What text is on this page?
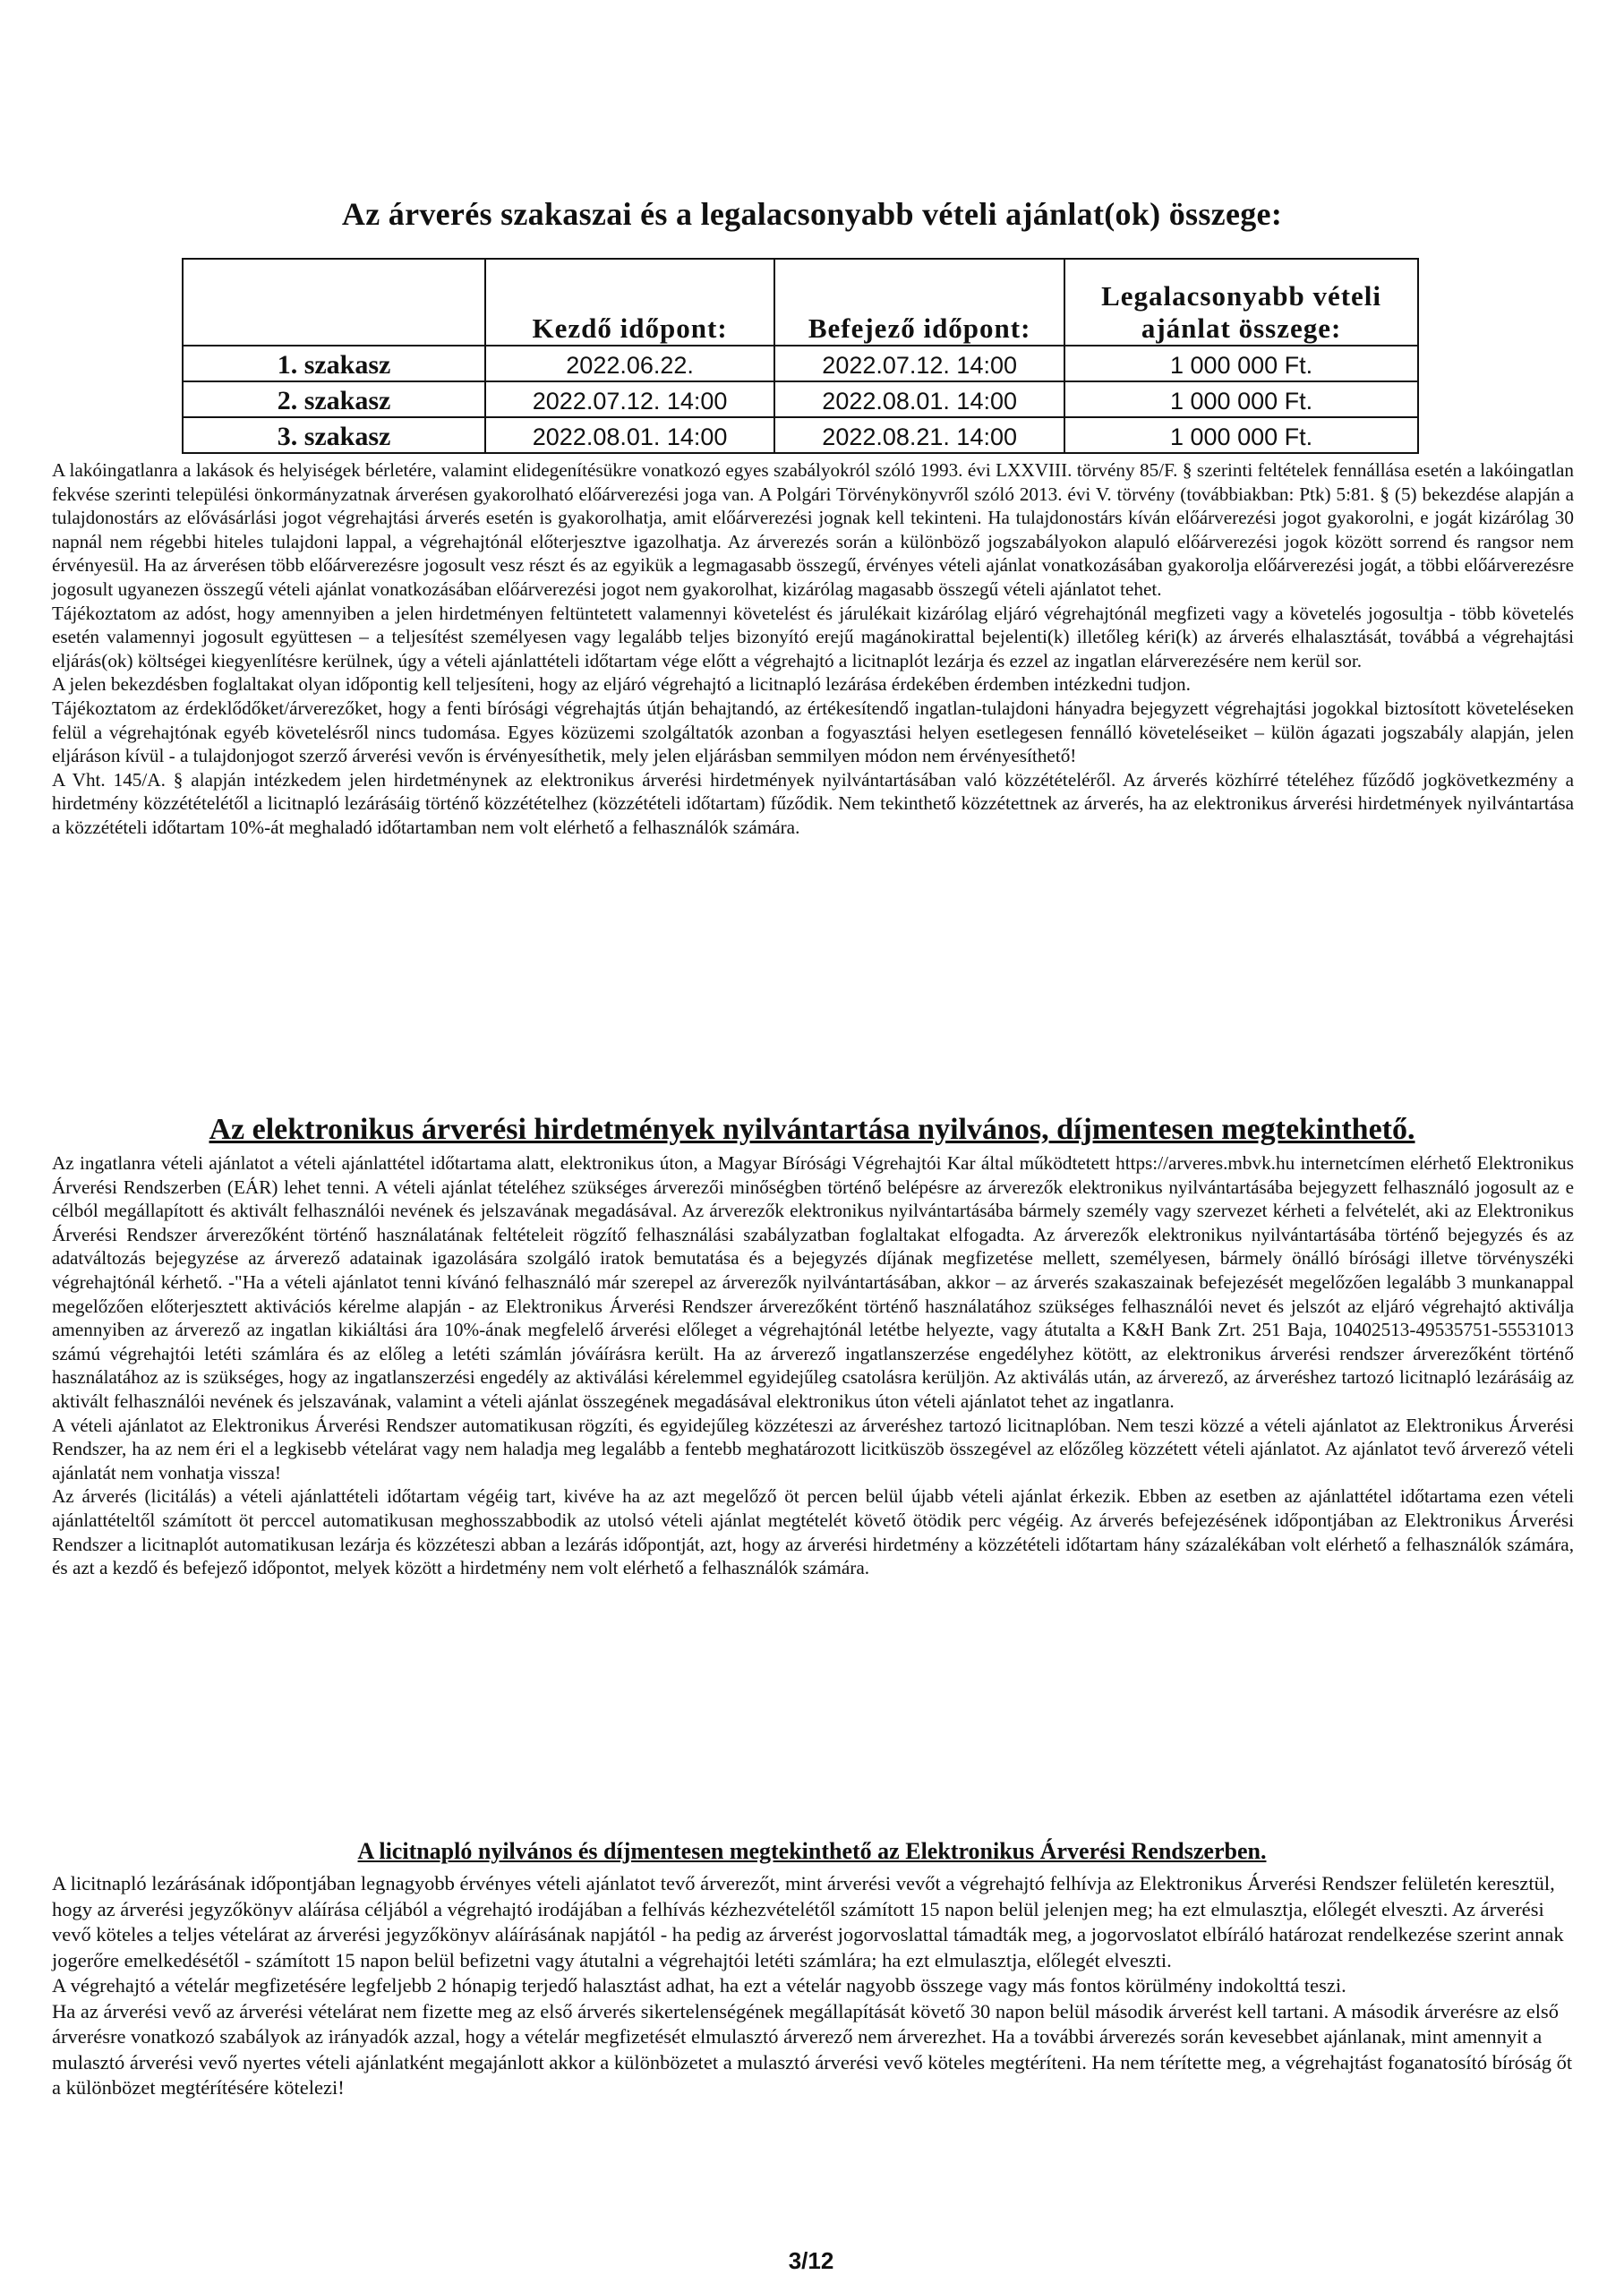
Az árverés szakaszai és a legalacsonyabb vételi ajánlat(ok) összege:
	Kezdő időpont:	Befejező időpont:	Legalacsonyabb vételi ajánlat összege:
1. szakasz	2022.06.22.	2022.07.12. 14:00	1 000 000 Ft.
2. szakasz	2022.07.12. 14:00	2022.08.01. 14:00	1 000 000 Ft.
3. szakasz	2022.08.01. 14:00	2022.08.21. 14:00	1 000 000 Ft.

A lakóingatlanra a lakások és helyiségek bérletére, valamint elidegenítésükre vonatkozó egyes szabályokról szóló 1993. évi LXXVIII. törvény 85/F. § szerinti feltételek fennállása esetén a lakóingatlan fekvése szerinti települési önkormányzatnak árverésen gyakorolható előárverezési joga van. A Polgári Törvénykönyvről szóló 2013. évi V. törvény (továbbiakban: Ptk) 5:81. § (5) bekezdése alapján a tulajdonostárs az elővásárlási jogot végrehajtási árverés esetén is gyakorolhatja, amit előárverezési jognak kell tekinteni. Ha tulajdonostárs kíván előárverezési jogot gyakorolni, e jogát kizárólag 30 napnál nem régebbi hiteles tulajdoni lappal, a végrehajtónál előterjesztve igazolhatja. Az árverezés során a különböző jogszabályokon alapuló előárverezési jogok között sorrend és rangsor nem érvényesül. Ha az árverésen több előárverezésre jogosult vesz részt és az egyikük a legmagasabb összegű, érvényes vételi ajánlat vonatkozásában gyakorolja előárverezési jogát, a többi előárverezésre jogosult ugyanezen összegű vételi ajánlat vonatkozásában előárverezési jogot nem gyakorolhat, kizárólag magasabb összegű vételi ajánlatot tehet.

Tájékoztatom az adóst, hogy amennyiben a jelen hirdetményen feltüntetett valamennyi követelést és járulékait kizárólag eljáró végrehajtónál megfizeti vagy a követelés jogosultja - több követelés esetén valamennyi jogosult együttesen – a teljesítést személyesen vagy legalább teljes bizonyító erejű magánokirattal bejelenti(k) illetőleg kéri(k) az árverés elhalasztását, továbbá a végrehajtási eljárás(ok) költségei kiegyenlítésre kerülnek, úgy a vételi ajánlattételi időtartam vége előtt a végrehajtó a licitnaplót lezárja és ezzel az ingatlan elárverezésére nem kerül sor.

A jelen bekezdésben foglaltakat olyan időpontig kell teljesíteni, hogy az eljáró végrehajtó a licitnapló lezárása érdekében érdemben intézkedni tudjon.

Tájékoztatom az érdeklődőket/árverezőket, hogy a fenti bírósági végrehajtás útján behajtandó, az értékesítendő ingatlan-tulajdoni hányadra bejegyzett végrehajtási jogokkal biztosított követeléseken felül a végrehajtónak egyéb követelésről nincs tudomása. Egyes közüzemi szolgáltatók azonban a fogyasztási helyen esetlegesen fennálló követeléseiket – külön ágazati jogszabály alapján, jelen eljáráson kívül - a tulajdonjogot szerző árverési vevőn is érvényesíthetik, mely jelen eljárásban semmilyen módon nem érvényesíthető!

A Vht. 145/A. § alapján intézkedem jelen hirdetménynek az elektronikus árverési hirdetmények nyilvántartásában való közzétételéről. Az árverés közhírré tételéhez fűződő jogkövetkezmény a hirdetmény közzétételétől a licitnapló lezárásáig történő közzétételhez (közzétételi időtartam) fűződik. Nem tekinthető közzétettnek az árverés, ha az elektronikus árverési hirdetmények nyilvántartása a közzétételi időtartam 10%-át meghaladó időtartamban nem volt elérhető a felhasználók számára.

Az elektronikus árverési hirdetmények nyilvántartása nyilvános, díjmentesen megtekinthető.

Az ingatlanra vételi ajánlatot a vételi ajánlattétel időtartama alatt, elektronikus úton, a Magyar Bírósági Végrehajtói Kar által működtetett https://arveres.mbvk.hu internetcímen elérhető Elektronikus Árverési Rendszerben (EÁR) lehet tenni. A vételi ajánlat tételéhez szükséges árverezői minőségben történő belépésre az árverezők elektronikus nyilvántartásába bejegyzett felhasználó jogosult az e célból megállapított és aktivált felhasználói nevének és jelszavának megadásával. Az árverezők elektronikus nyilvántartásába bármely személy vagy szervezet kérheti a felvételét, aki az Elektronikus Árverési Rendszer árverezőként történő használatának feltételeit rögzítő felhasználási szabályzatban foglaltakat elfogadta. Az árverezők elektronikus nyilvántartásába történő bejegyzés és az adatváltozás bejegyzése az árverező adatainak igazolására szolgáló iratok bemutatása és a bejegyzés díjának megfizetése mellett, személyesen, bármely önálló bírósági illetve törvényszéki végrehajtónál kérhető. -"Ha a vételi ajánlatot tenni kívánó felhasználó már szerepel az árverezők nyilvántartásában, akkor – az árverés szakaszainak befejezését megelőzően legalább 3 munkanappal megelőzően előterjesztett aktivációs kérelme alapján - az Elektronikus Árverési Rendszer árverezőként történő használatához szükséges felhasználói nevet és jelszót az eljáró végrehajtó aktiválja amennyiben az árverező az ingatlan kikiáltási ára 10%-ának megfelelő árverési előleget a végrehajtónál letétbe helyezte, vagy átutalta a K&H Bank Zrt. 251 Baja, 10402513-49535751-55531013 számú végrehajtói letéti számlára és az előleg a letéti számlán jóváírásra került. Ha az árverező ingatlanszerzése engedélyhez kötött, az elektronikus árverési rendszer árverezőként történő használatához az is szükséges, hogy az ingatlanszerzési engedély az aktiválási kérelemmel egyidejűleg csatolásra kerüljön. Az aktiválás után, az árverező, az árveréshez tartozó licitnapló lezárásáig az aktivált felhasználói nevének és jelszavának, valamint a vételi ajánlat összegének megadásával elektronikus úton vételi ajánlatot tehet az ingatlanra.

A vételi ajánlatot az Elektronikus Árverési Rendszer automatikusan rögzíti, és egyidejűleg közzéteszi az árveréshez tartozó licitnaplóban. Nem teszi közzé a vételi ajánlatot az Elektronikus Árverési Rendszer, ha az nem éri el a legkisebb vételárat vagy nem haladja meg legalább a fentebb meghatározott licitküszöb összegével az előzőleg közzétett vételi ajánlatot. Az ajánlatot tevő árverező vételi ajánlatát nem vonhatja vissza!

Az árverés (licitálás) a vételi ajánlattételi időtartam végéig tart, kivéve ha az azt megelőző öt percen belül újabb vételi ajánlat érkezik. Ebben az esetben az ajánlattétel időtartama ezen vételi ajánlattételtől számított öt perccel automatikusan meghosszabbodik az utolsó vételi ajánlat megtételét követő ötödik perc végéig. Az árverés befejezésének időpontjában az Elektronikus Árverési Rendszer a licitnaplót automatikusan lezárja és közzéteszi abban a lezárás időpontját, azt, hogy az árverési hirdetmény a közzétételi időtartam hány százalékában volt elérhető a felhasználók számára, és azt a kezdő és befejező időpontot, melyek között a hirdetmény nem volt elérhető a felhasználók számára.

A licitnapló nyilvános és díjmentesen megtekinthető az Elektronikus Árverési Rendszerben.

A licitnapló lezárásának időpontjában legnagyobb érvényes vételi ajánlatot tevő árverezőt, mint árverési vevőt a végrehajtó felhívja az Elektronikus Árverési Rendszer felületén keresztül, hogy az árverési jegyzőkönyv aláírása céljából a végrehajtó irodájában a felhívás kézhezvételétől számított 15 napon belül jelenjen meg; ha ezt elmulasztja, előlegét elveszti. Az árverési vevő köteles a teljes vételárat az árverési jegyzőkönyv aláírásának napjától - ha pedig az árverést jogorvoslattal támadták meg, a jogorvoslatot elbíráló határozat rendelkezése szerint annak jogerőre emelkedésétől - számított 15 napon belül befizetni vagy átutalni a végrehajtói letéti számlára; ha ezt elmulasztja, előlegét elveszti.

A végrehajtó a vételár megfizetésére legfeljebb 2 hónapig terjedő halasztást adhat, ha ezt a vételár nagyobb összege vagy más fontos körülmény indokolttá teszi.

Ha az árverési vevő az árverési vételárat nem fizette meg az első árverés sikertelenségének megállapítását követő 30 napon belül második árverést kell tartani. A második árverésre az első árverésre vonatkozó szabályok az irányadók azzal, hogy a vételár megfizetését elmulasztó árverező nem árverezhet. Ha a további árverezés során kevesebbet ajánlanak, mint amennyit a mulasztó árverési vevő nyertes vételi ajánlatként megajánlott akkor a különbözetet a mulasztó árverési vevő köteles megtéríteni. Ha nem térítette meg, a végrehajtást foganatosító bíróság őt a különbözet megtérítésére kötelezi!

3/12
